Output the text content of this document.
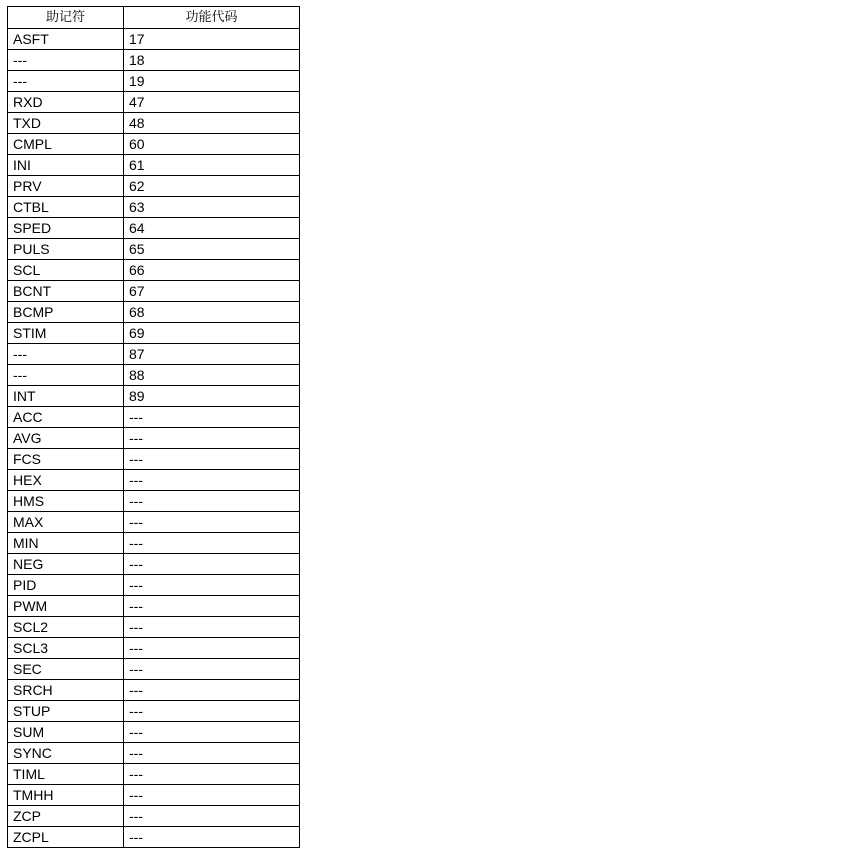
助记符	功能代码
ASFT	17
---	18
---	19
RXD	47
TXD	48
CMPL	60
INI	61
PRV	62
CTBL	63
SPED	64
PULS	65
SCL	66
BCNT	67
BCMP	68
STIM	69
---	87
---	88
INT	89
ACC	---
AVG	---
FCS	---
HEX	---
HMS	---
MAX	---
MIN	---
NEG	---
PID	---
PWM	---
SCL2	---
SCL3	---
SEC	---
SRCH	---
STUP	---
SUM	---
SYNC	---
TIML	---
TMHH	---
ZCP	---
ZCPL	---
